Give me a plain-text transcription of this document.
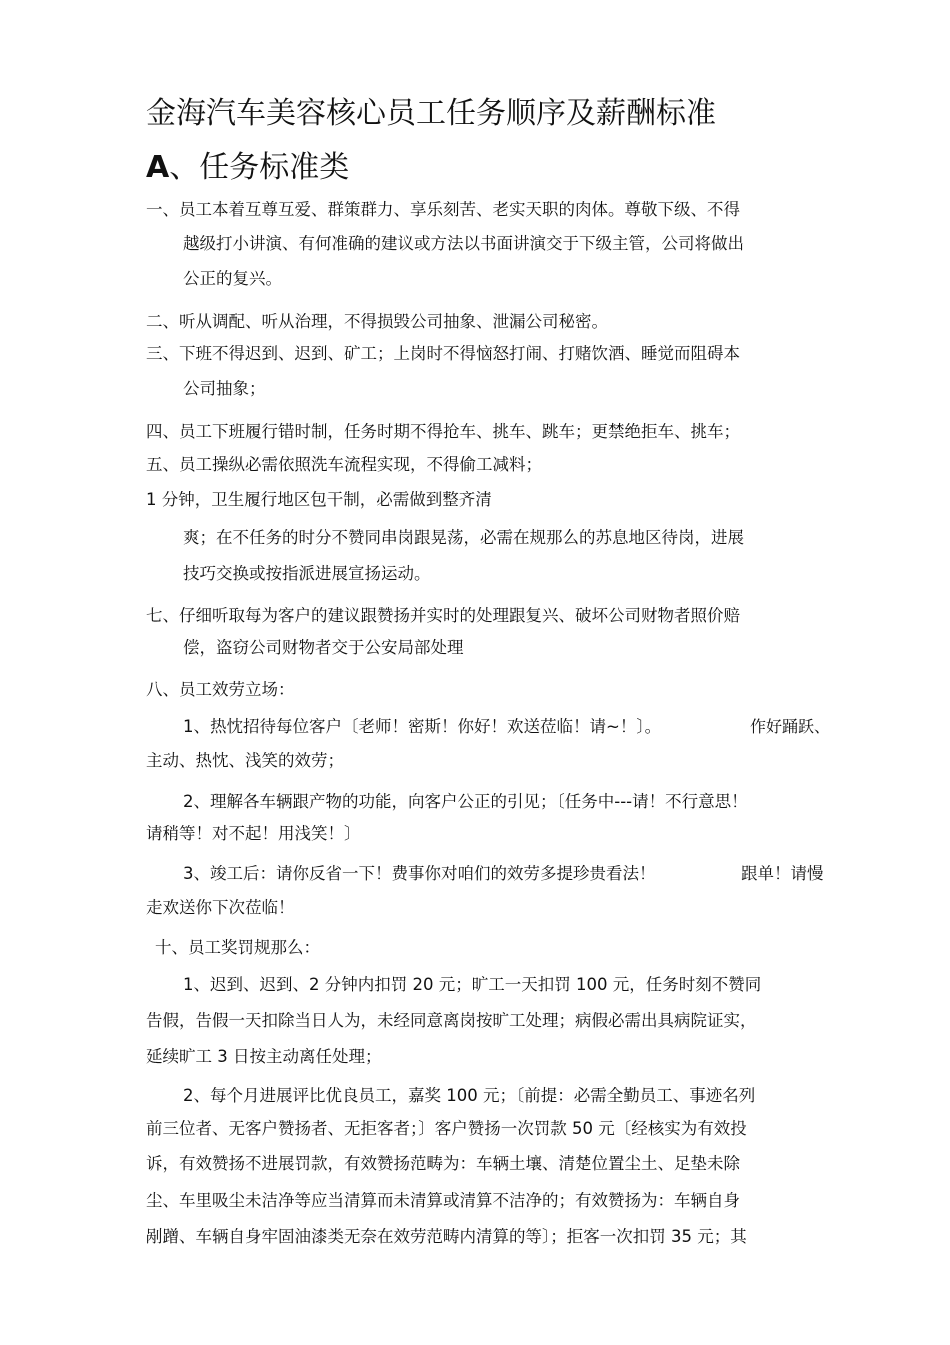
金海汽车美容核心员工任务顺序及薪酬标准
A、任务标准类
一、员工本着互尊互爱、群策群力、享乐刻苦、老实天职的肉体。尊敬下级、不得
越级打小讲演、有何准确的建议或方法以书面讲演交于下级主管，公司将做出
公正的复兴。
二、听从调配、听从治理，不得损毁公司抽象、泄漏公司秘密。
三、下班不得迟到、迟到、矿工；上岗时不得恼怒打闹、打赌饮酒、睡觉而阻碍本
公司抽象；
四、员工下班履行错时制，任务时期不得抢车、挑车、跳车；更禁绝拒车、挑车；
五、员工操纵必需依照洗车流程实现，不得偷工减料；
1 分钟，卫生履行地区包干制，必需做到整齐清
爽；在不任务的时分不赞同串岗跟晃荡，必需在规那么的苏息地区待岗，进展
技巧交换或按指派进展宣扬运动。
七、仔细听取每为客户的建议跟赞扬并实时的处理跟复兴、破坏公司财物者照价赔
偿，盗窃公司财物者交于公安局部处理
八、员工效劳立场：
1、热忱招待每位客户〔老师！密斯！你好！欢送莅临！请~！〕。	作好踊跃、
主动、热忱、浅笑的效劳；
2、理解各车辆跟产物的功能，向客户公正的引见；〔任务中---请！不行意思！
请稍等！对不起！用浅笑！〕
3、竣工后：请你反省一下！费事你对咱们的效劳多提珍贵看法！	跟单！请慢
走欢送你下次莅临！
十、员工奖罚规那么：
1、迟到、迟到、2 分钟内扣罚 20 元；旷工一天扣罚 100 元，任务时刻不赞同
告假，告假一天扣除当日人为，未经同意离岗按旷工处理；病假必需出具病院证实，
延续旷工 3 日按主动离任处理；
2、每个月进展评比优良员工，嘉奖 100 元；〔前提：必需全勤员工、事迹名列
前三位者、无客户赞扬者、无拒客者；〕客户赞扬一次罚款 50 元〔经核实为有效投
诉，有效赞扬不进展罚款，有效赞扬范畴为：车辆土壤、清楚位置尘土、足垫未除
尘、车里吸尘未洁净等应当清算而未清算或清算不洁净的；有效赞扬为：车辆自身
剐蹭、车辆自身牢固油漆类无奈在效劳范畴内清算的等〕；拒客一次扣罚 35 元；其
